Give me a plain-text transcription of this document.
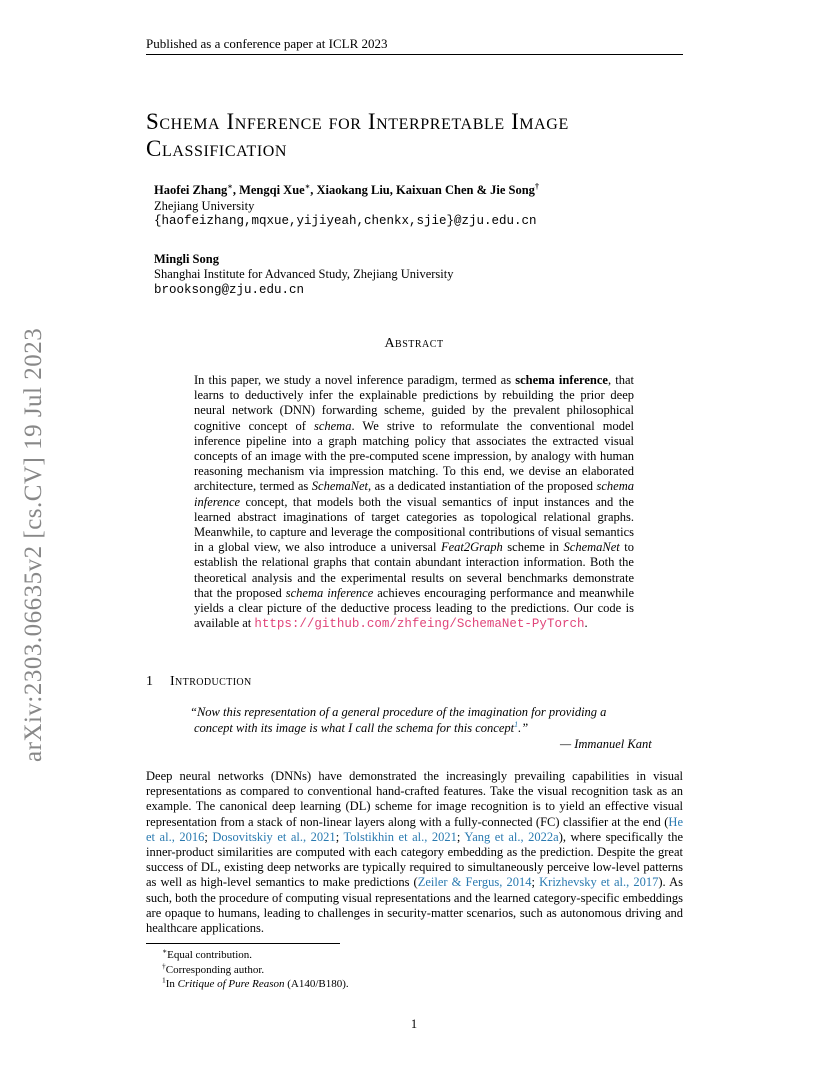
Published as a conference paper at ICLR 2023
arXiv:2303.06635v2 [cs.CV] 19 Jul 2023
Schema Inference for Interpretable Image
Classification
Haofei Zhang∗, Mengqi Xue∗, Xiaokang Liu, Kaixuan Chen & Jie Song†
Zhejiang University
{haofeizhang,mqxue,yijiyeah,chenkx,sjie}@zju.edu.cn
Mingli Song
Shanghai Institute for Advanced Study, Zhejiang University
brooksong@zju.edu.cn
Abstract
In this paper, we study a novel inference paradigm, termed as schema inference, that learns to deductively infer the explainable predictions by rebuilding the prior deep neural network (DNN) forwarding scheme, guided by the prevalent philosophical cognitive concept of schema. We strive to reformulate the conventional model inference pipeline into a graph matching policy that associates the extracted visual concepts of an image with the pre-computed scene impression, by analogy with human reasoning mechanism via impression matching. To this end, we devise an elaborated architecture, termed as SchemaNet, as a dedicated instantiation of the proposed schema inference concept, that models both the visual semantics of input instances and the learned abstract imaginations of target categories as topological relational graphs. Meanwhile, to capture and leverage the compositional contributions of visual semantics in a global view, we also introduce a universal Feat2Graph scheme in SchemaNet to establish the relational graphs that contain abundant interaction information. Both the theoretical analysis and the experimental results on several benchmarks demonstrate that the proposed schema inference achieves encouraging performance and meanwhile yields a clear picture of the deductive process leading to the predictions. Our code is available at https://github.com/zhfeing/SchemaNet-PyTorch.
1 Introduction
“Now this representation of a general procedure of the imagination for providing a
concept with its image is what I call the schema for this concept$^1$.”
— Immanuel Kant
Deep neural networks (DNNs) have demonstrated the increasingly prevailing capabilities in visual representations as compared to conventional hand-crafted features. Take the visual recognition task as an example. The canonical deep learning (DL) scheme for image recognition is to yield an effective visual representation from a stack of non-linear layers along with a fully-connected (FC) classifier at the end (He et al., 2016; Dosovitskiy et al., 2021; Tolstikhin et al., 2021; Yang et al., 2022a), where specifically the inner-product similarities are computed with each category embedding as the prediction. Despite the great success of DL, existing deep networks are typically required to simultaneously perceive low-level patterns as well as high-level semantics to make predictions (Zeiler & Fergus, 2014; Krizhevsky et al., 2017). As such, both the procedure of computing visual representations and the learned category-specific embeddings are opaque to humans, leading to challenges in security-matter scenarios, such as autonomous driving and healthcare applications.
∗Equal contribution.
†Corresponding author.
$^1$In Critique of Pure Reason (A140/B180).
1
